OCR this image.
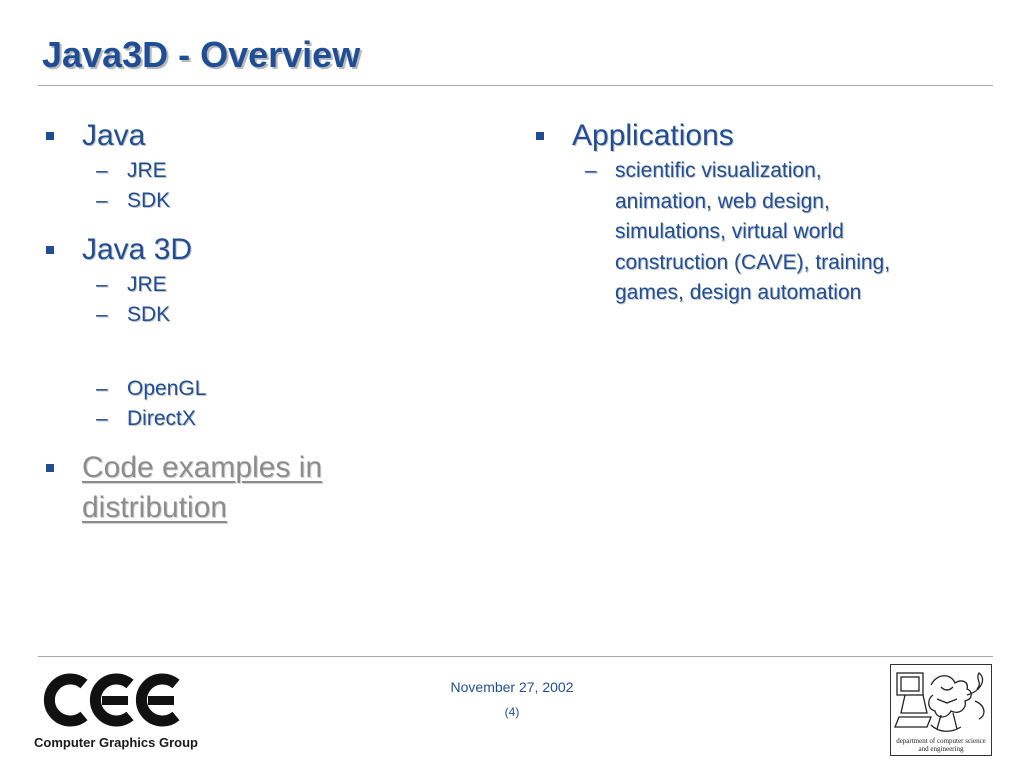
Java3D - Overview
Java
– JRE
– SDK
Java 3D
– JRE
– SDK
– OpenGL
– DirectX
Code examples in
distribution
Applications
– scientific visualization,
animation, web design,
simulations, virtual world
construction (CAVE), training,
games, design automation
Computer Graphics Group
November 27, 2002
(4)
department of computer science
and engineering
